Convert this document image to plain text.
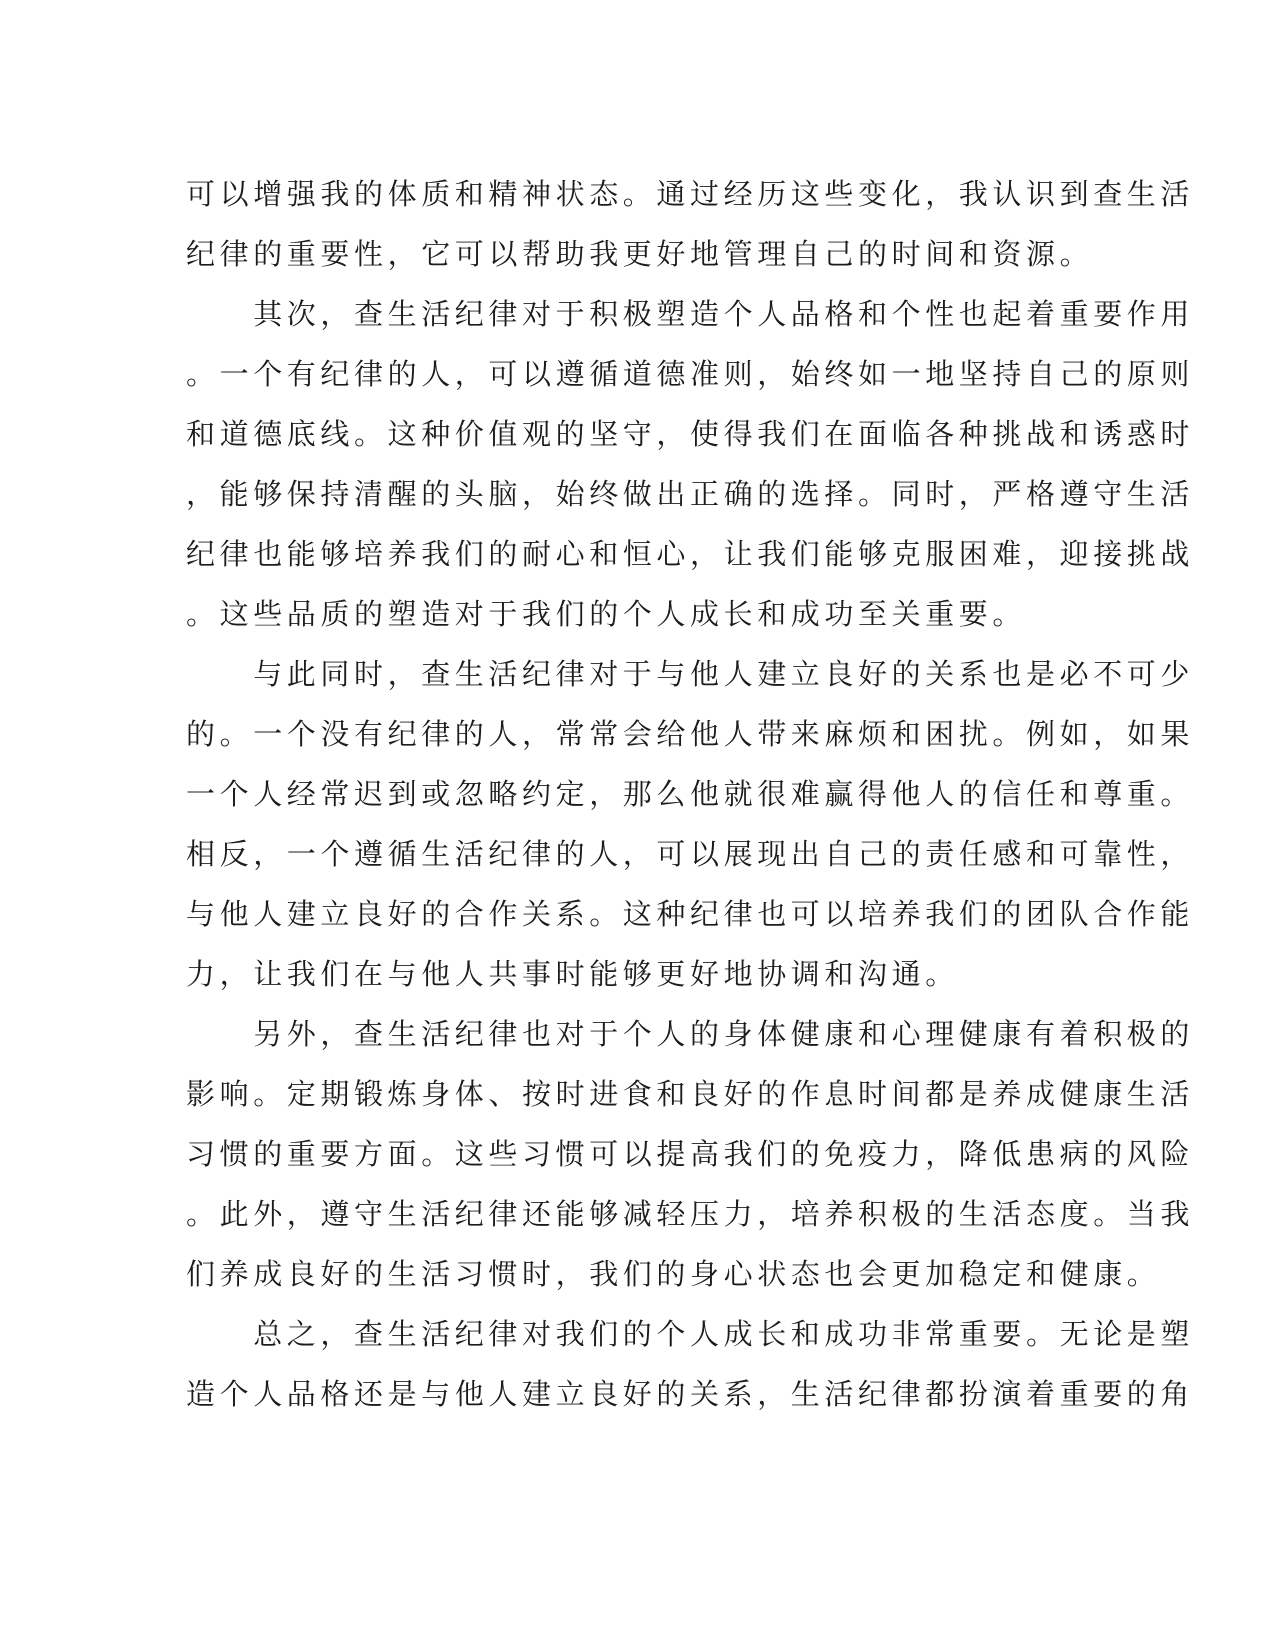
可以增强我的体质和精神状态。通过经历这些变化，我认识到查生活
纪律的重要性，它可以帮助我更好地管理自己的时间和资源。
　　其次，查生活纪律对于积极塑造个人品格和个性也起着重要作用
。一个有纪律的人，可以遵循道德准则，始终如一地坚持自己的原则
和道德底线。这种价值观的坚守，使得我们在面临各种挑战和诱惑时
，能够保持清醒的头脑，始终做出正确的选择。同时，严格遵守生活
纪律也能够培养我们的耐心和恒心，让我们能够克服困难，迎接挑战
。这些品质的塑造对于我们的个人成长和成功至关重要。
　　与此同时，查生活纪律对于与他人建立良好的关系也是必不可少
的。一个没有纪律的人，常常会给他人带来麻烦和困扰。例如，如果
一个人经常迟到或忽略约定，那么他就很难赢得他人的信任和尊重。
相反，一个遵循生活纪律的人，可以展现出自己的责任感和可靠性，
与他人建立良好的合作关系。这种纪律也可以培养我们的团队合作能
力，让我们在与他人共事时能够更好地协调和沟通。
　　另外，查生活纪律也对于个人的身体健康和心理健康有着积极的
影响。定期锻炼身体、按时进食和良好的作息时间都是养成健康生活
习惯的重要方面。这些习惯可以提高我们的免疫力，降低患病的风险
。此外，遵守生活纪律还能够减轻压力，培养积极的生活态度。当我
们养成良好的生活习惯时，我们的身心状态也会更加稳定和健康。
　　总之，查生活纪律对我们的个人成长和成功非常重要。无论是塑
造个人品格还是与他人建立良好的关系，生活纪律都扮演着重要的角
